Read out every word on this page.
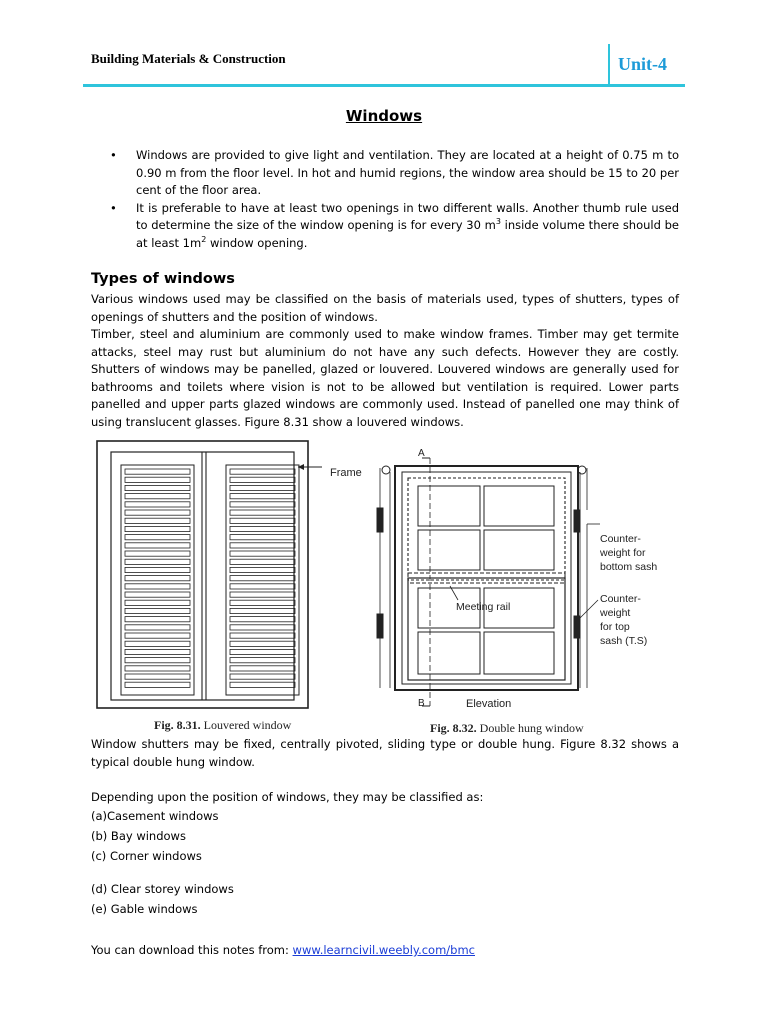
Building Materials & Construction	Unit-4
Windows
• Windows are provided to give light and ventilation. They are located at a height of 0.75 m to 0.90 m from the floor level. In hot and humid regions, the window area should be 15 to 20 per cent of the floor area.
• It is preferable to have at least two openings in two different walls. Another thumb rule used to determine the size of the window opening is for every 30 $m^3$ inside volume there should be at least $1m^2$ window opening.
Types of windows

Various windows used may be classified on the basis of materials used, types of shutters, types of openings of shutters and the position of windows.

Timber, steel and aluminium are commonly used to make window frames. Timber may get termite attacks, steel may rust but aluminium do not have any such defects. However they are costly. Shutters of windows may be panelled, glazed or louvered. Louvered windows are generally used for bathrooms and toilets where vision is not to be allowed but ventilation is required. Lower parts panelled and upper parts glazed windows are commonly used. Instead of panelled one may think of using translucent glasses. Figure 8.31 show a louvered windows.

Frame
A
B
Counter- weight for bottom sash
Counter- weight for top sash (T.S)
Meeting rail
Elevation
Fig. 8.31. Louvered window	Fig. 8.32. Double hung window

Window shutters may be fixed, centrally pivoted, sliding type or double hung. Figure 8.32 shows a typical double hung window.

Depending upon the position of windows, they may be classified as:

(a)Casement windows
(b) Bay windows
(c) Corner windows
(d) Clear storey windows
(e) Gable windows
You can download this notes from: www.learncivil.weebly.com/bmc
